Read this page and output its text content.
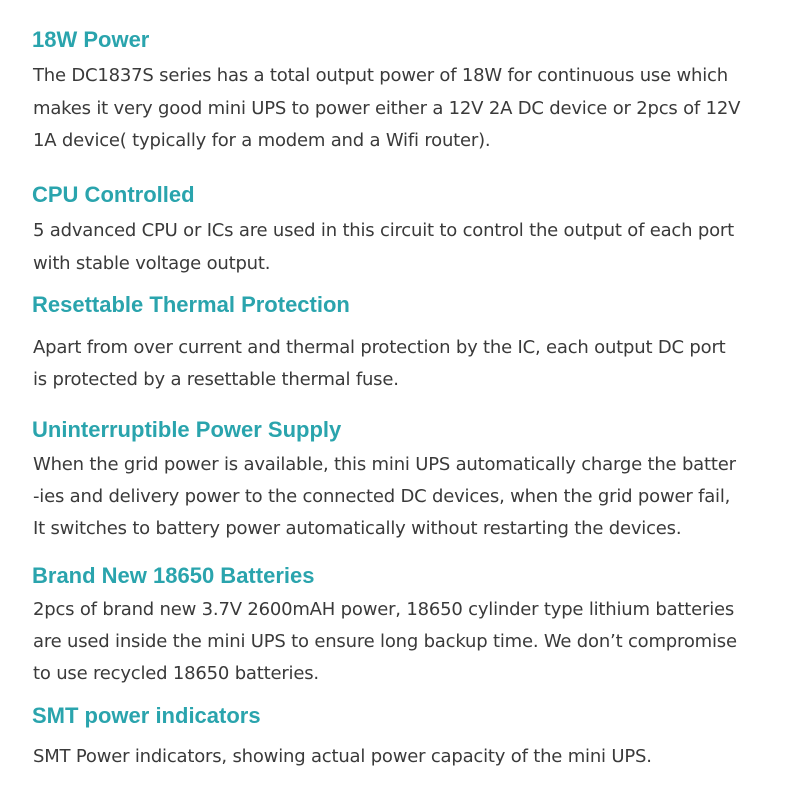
18W Power

The DC1837S series has a total output power of 18W for continuous use which

makes it very good mini UPS to power either a 12V 2A DC device or 2pcs of 12V

1A device( typically for a modem and a Wifi router).

CPU Controlled

5 advanced CPU or ICs are used in this circuit to control the output of each port

with stable voltage output.

Resettable Thermal Protection

Apart from over current and thermal protection by the IC, each output DC port

is protected by a resettable thermal fuse.

Uninterruptible Power Supply

When the grid power is available, this mini UPS automatically charge the batter

-ies and delivery power to the connected DC devices, when the grid power fail,

It switches to battery power automatically without restarting the devices.

Brand New 18650 Batteries

2pcs of brand new 3.7V 2600mAH power, 18650 cylinder type lithium batteries

are used inside the mini UPS to ensure long backup time. We don’t compromise

to use recycled 18650 batteries.

SMT power indicators

SMT Power indicators, showing actual power capacity of the mini UPS.
